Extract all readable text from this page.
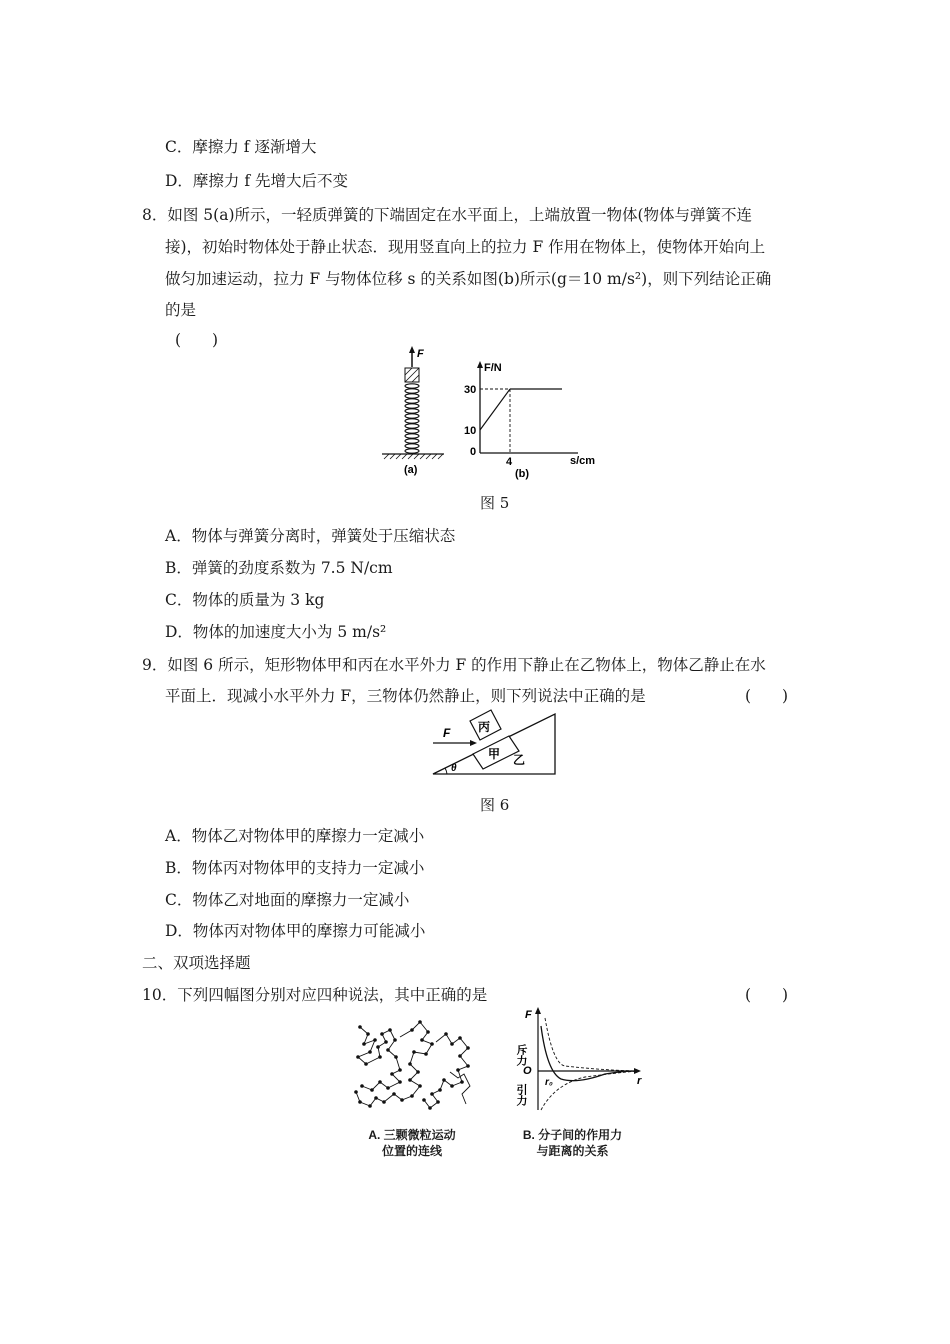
C．摩擦力 f 逐渐增大
D．摩擦力 f 先增大后不变
8．如图 5(a)所示，一轻质弹簧的下端固定在水平面上，上端放置一物体(物体与弹簧不连
接)，初始时物体处于静止状态．现用竖直向上的拉力 F 作用在物体上，使物体开始向上
做匀加速运动，拉力 F 与物体位移 s 的关系如图(b)所示(g＝10 m/s²)，则下列结论正确
的是
(　　)
F
(a)
F/N
30
10
0
4	s/cm
(b)
图 5
A．物体与弹簧分离时，弹簧处于压缩状态
B．弹簧的劲度系数为 7.5 N/cm
C．物体的质量为 3 kg
D．物体的加速度大小为 5 m/s²
9．如图 6 所示，矩形物体甲和丙在水平外力 F 的作用下静止在乙物体上，物体乙静止在水
平面上．现减小水平外力 F，三物体仍然静止，则下列说法中正确的是	(　　)
甲
丙
乙
F
θ
图 6
A．物体乙对物体甲的摩擦力一定减小
B．物体丙对物体甲的支持力一定减小
C．物体乙对地面的摩擦力一定减小
D．物体丙对物体甲的摩擦力可能减小
二、双项选择题
10．下列四幅图分别对应四种说法，其中正确的是	(　　)
A. 三颗微粒运动
位置的连线
F
斥力
O
引力
r₀	r
B. 分子间的作用力
与距离的关系
